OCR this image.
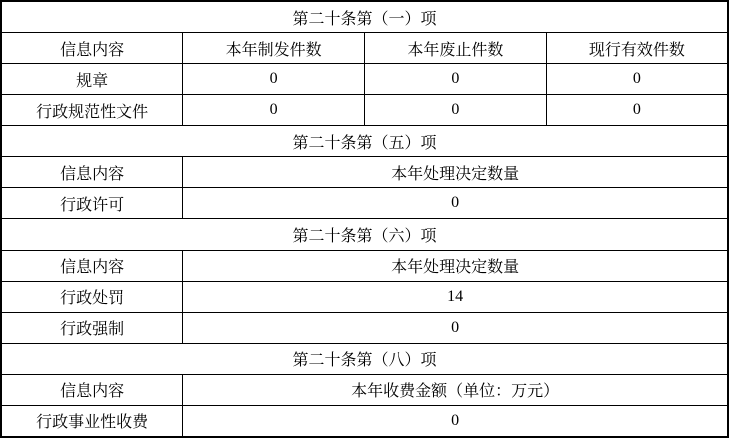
第二十条第（一）项			
信息内容	本年制发件数	本年废止件数	现行有效件数
规章	0	0	0
行政规范性文件	0	0	0
第二十条第（五）项			
信息内容	本年处理决定数量		
行政许可	0		
第二十条第（六）项			
信息内容	本年处理决定数量		
行政处罚	14		
行政强制	0		
第二十条第（八）项			
信息内容	本年收费金额（单位：万元）		
行政事业性收费	0		
